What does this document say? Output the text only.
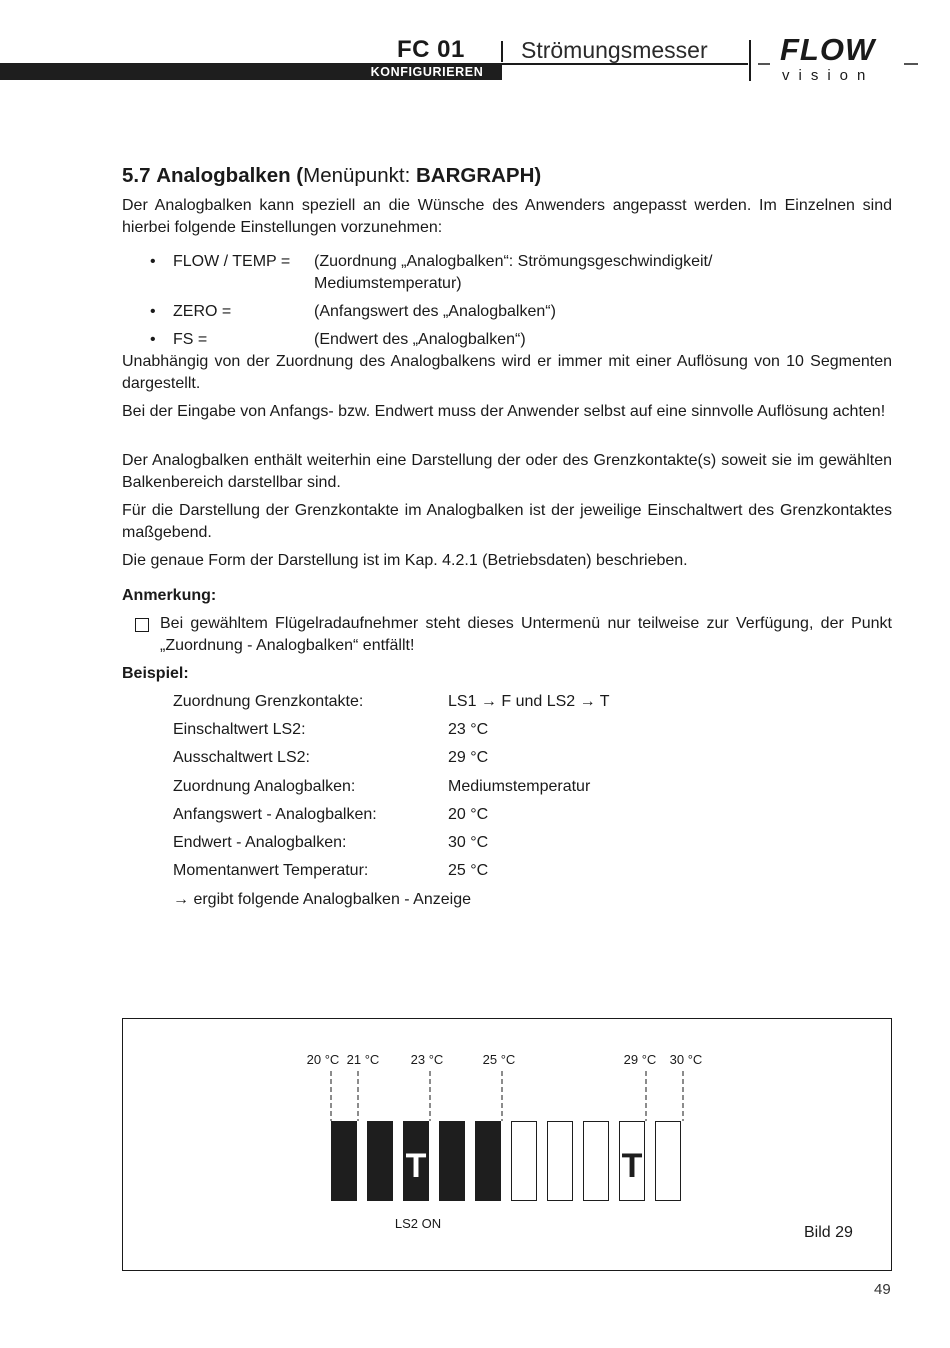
KONFIGURIEREN
FC 01 Strömungsmesser FLOW
vision
5.7 Analogbalken (Menüpunkt: BARGRAPH)

Der Analogbalken kann speziell an die Wünsche des Anwenders angepasst werden. Im Einzelnen sind hierbei folgende Einstellungen vorzunehmen:

• FLOW / TEMP = (Zuordnung „Analogbalken“: Strömungsgeschwindigkeit/ Mediumstemperatur)
• ZERO =	(Anfangswert des „Analogbalken“)
• FS =	(Endwert des „Analogbalken“)

Unabhängig von der Zuordnung des Analogbalkens wird er immer mit einer Auflösung von 10 Segmenten dargestellt.

Bei der Eingabe von Anfangs- bzw. Endwert muss der Anwender selbst auf eine sinnvolle Auflösung achten!

Der Analogbalken enthält weiterhin eine Darstellung der oder des Grenzkontakte(s) soweit sie im gewählten Balkenbereich darstellbar sind.

Für die Darstellung der Grenzkontakte im Analogbalken ist der jeweilige Einschaltwert des Grenzkontaktes maßgebend.

Die genaue Form der Darstellung ist im Kap. 4.2.1 (Betriebsdaten) beschrieben.

Anmerkung:

Bei gewähltem Flügelradaufnehmer steht dieses Untermenü nur teilweise zur Verfügung, der Punkt „Zuordnung - Analogbalken“ entfällt!

Beispiel:
Zuordnung Grenzkontakte:	LS1 → F und LS2 → T
Einschaltwert LS2:	23 °C
Ausschaltwert LS2:	29 °C
Zuordnung Analogbalken:	Mediumstemperatur
Anfangswert - Analogbalken:	20 °C
Endwert - Analogbalken:	30 °C
Momentanwert Temperatur:	25 °C
→ ergibt folgende Analogbalken - Anzeige
T	T
20 °C 21 °C 23 °C	25 °C	29 °C 30 °C
LS2 ON
Bild 29
49
